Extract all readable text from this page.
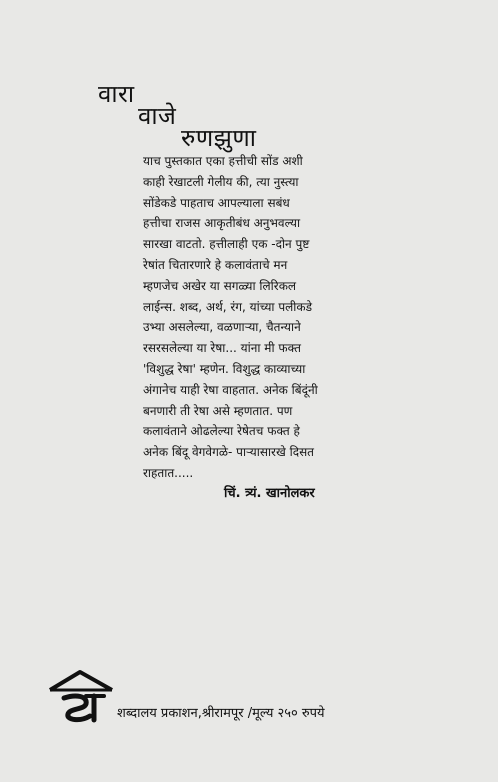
वारा
वाजे
रुणझुणा
याच पुस्तकात एका हत्तीची सोंड अशी
काही रेखाटली गेलीय की, त्या नुस्त्या
सोंडेकडे पाहताच आपल्याला सबंध
हत्तीचा राजस आकृतीबंध अनुभवल्या
सारखा वाटतो. हत्तीलाही एक -दोन पुष्ट
रेषांत चितारणारे हे कलावंताचे मन
म्हणजेच अखेर या सगळ्या लिरिकल
लाईन्स. शब्द, अर्थ, रंग, यांच्या पलीकडे
उभ्या असलेल्या, वळणाऱ्या, चैतन्याने
रसरसलेल्या या रेषा... यांना मी फक्त
'विशुद्ध रेषा' म्हणेन. विशुद्ध काव्याच्या
अंगानेच याही रेषा वाहतात. अनेक बिंदूंनी
बनणारी ती रेषा असे म्हणतात. पण
कलावंताने ओढलेल्या रेषेतच फक्त हे
अनेक बिंदू वेगवेगळे- पाऱ्यासारखे दिसत
राहतात.....
चिं. त्र्यं. खानोलकर
शब्दालय प्रकाशन,श्रीरामपूर /मूल्य २५० रुपये
